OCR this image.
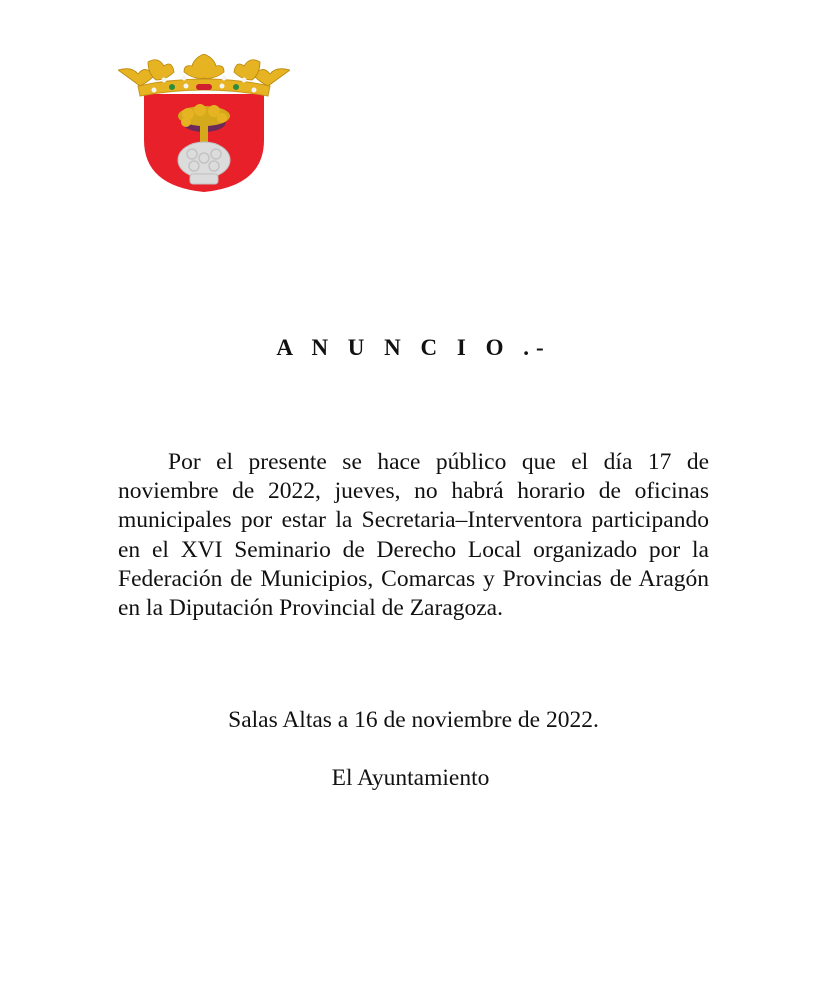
A N U N C I O .-

Por el presente se hace público que el día 17 de noviembre de 2022, jueves, no habrá horario de oficinas municipales por estar la Secretaria–Interventora participando en el XVI Seminario de Derecho Local organizado por la Federación de Municipios, Comarcas y Provincias de Aragón en la Diputación Provincial de Zaragoza.

Salas Altas a 16 de noviembre de 2022.
El Ayuntamiento
